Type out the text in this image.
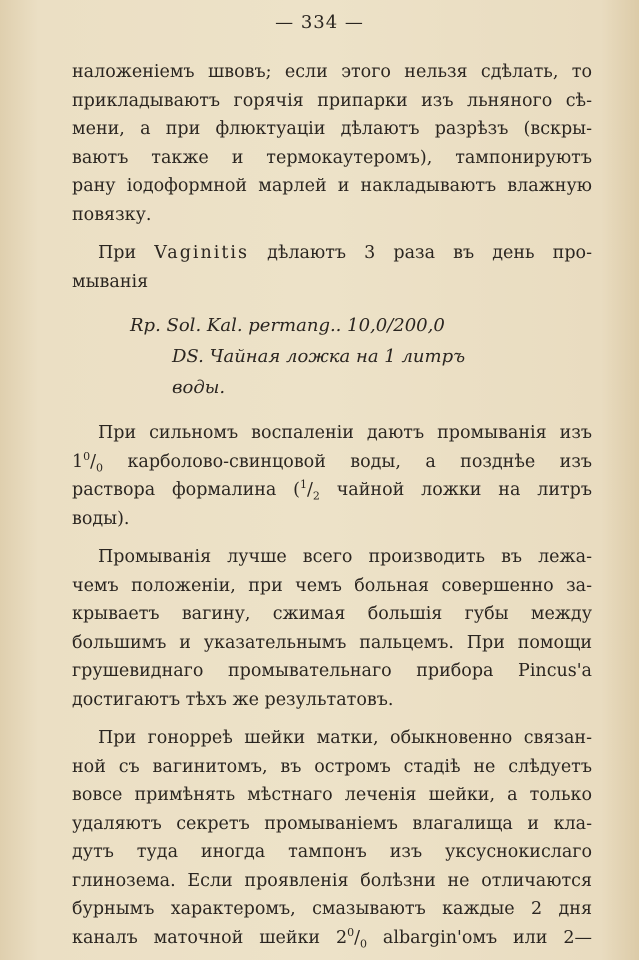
— 334 —
наложенiемъ швовъ; если этого нельзя сдѣлать, то
прикладываютъ горячiя припарки изъ льняного сѣ-
мени, а при флюктуацiи дѣлаютъ разрѣзъ (вскры-
ваютъ также и термокаутеромъ), тампонируютъ
рану iодоформной марлей и накладываютъ влажную
повязку.
При Vaginitis дѣлаютъ 3 раза въ день про-
мыванiя
Rp. Sol. Kal. permang.. 10,0/200,0
DS. Чайная ложка на 1 литръ
воды.
При сильномъ воспаленiи даютъ промыванiя изъ
$1^0/_0$ карболово-свинцовой воды, а позднѣе изъ
раствора формалина ($^1/_2$ чайной ложки на литръ
воды).
Промыванiя лучше всего производить въ лежа-
чемъ положенiи, при чемъ больная совершенно за-
крываетъ вагину, сжимая большiя губы между
большимъ и указательнымъ пальцемъ. При помощи
грушевиднаго промывательнаго прибора Pincus'а
достигаютъ тѣхъ же результатовъ.
При гонорреѣ шейки матки, обыкновенно связан-
ной съ вагинитомъ, въ остромъ стадiѣ не слѣдуетъ
вовсе примѣнять мѣстнаго леченiя шейки, а только
удаляютъ секретъ промыванiемъ влагалища и кла-
дутъ туда иногда тампонъ изъ уксуснокислаго
глинозема. Если проявленiя болѣзни не отличаются
бурнымъ характеромъ, смазываютъ каждые 2 дня
каналъ маточной шейки $2^0/_0$ albargin'омъ или 2—
